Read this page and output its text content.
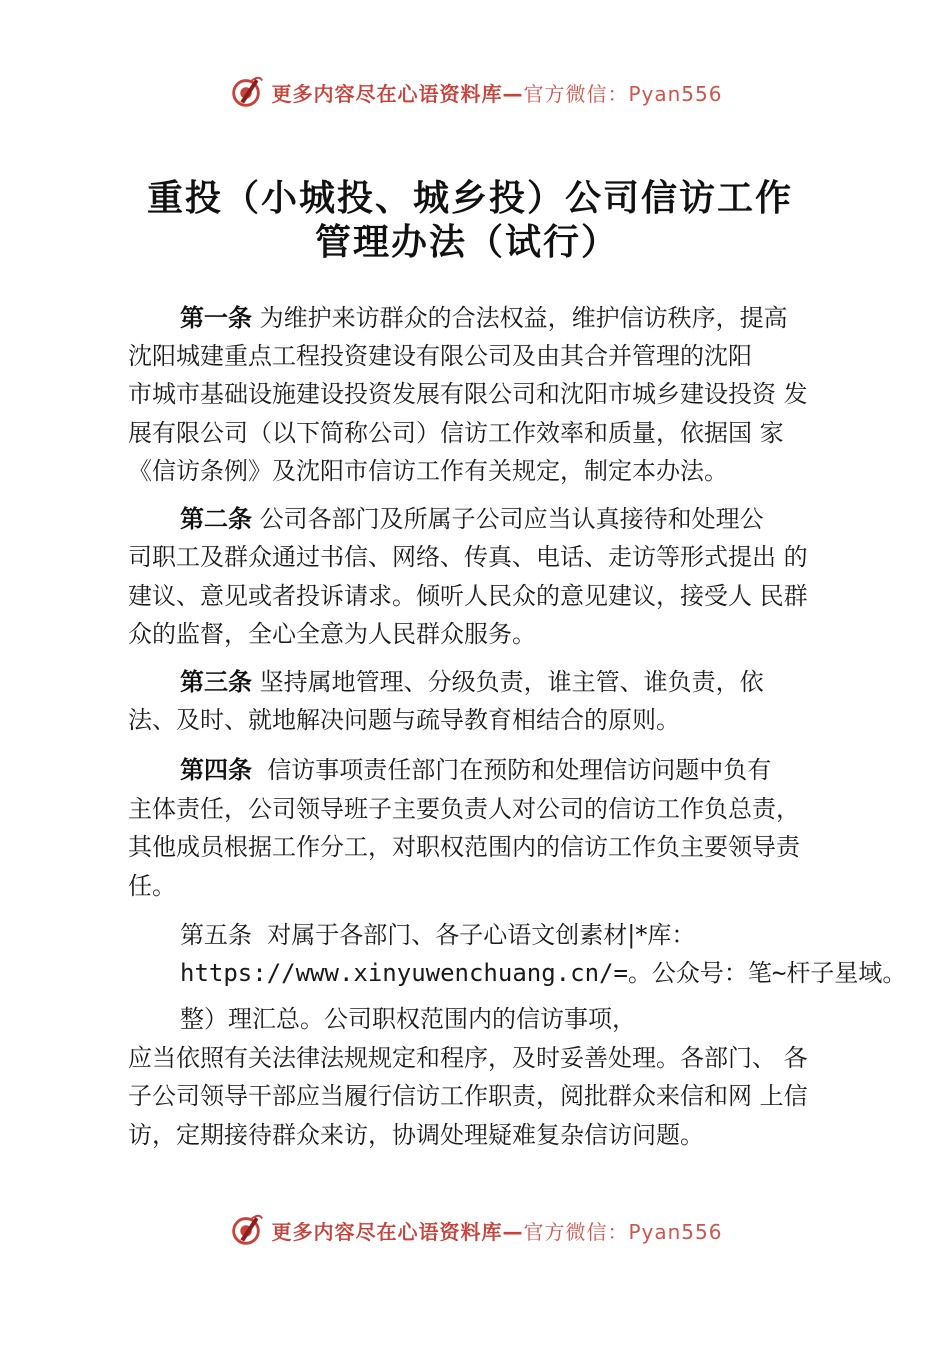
更多内容尽在心语资料库—官方微信：Pyan556
重投（小城投、城乡投）公司信访工作
管理办法（试行）
第一条 为维护来访群众的合法权益，维护信访秩序，提高
沈阳城建重点工程投资建设有限公司及由其合并管理的沈阳
市城市基础设施建设投资发展有限公司和沈阳市城乡建设投资 发
展有限公司（以下简称公司）信访工作效率和质量，依据国 家
《信访条例》及沈阳市信访工作有关规定，制定本办法。
第二条 公司各部门及所属子公司应当认真接待和处理公
司职工及群众通过书信、网络、传真、电话、走访等形式提出 的
建议、意见或者投诉请求。倾听人民众的意见建议，接受人 民群
众的监督，全心全意为人民群众服务。
第三条 坚持属地管理、分级负责，谁主管、谁负责，依
法、及时、就地解决问题与疏导教育相结合的原则。
第四条  信访事项责任部门在预防和处理信访问题中负有
主体责任，公司领导班子主要负责人对公司的信访工作负总责，
其他成员根据工作分工，对职权范围内的信访工作负主要领导责
任。
第五条  对属于各部门、各子心语文创素材|*库：
https://www.xinyuwenchuang.cn/=。公众号：笔~杆子星域。
整）理汇总。公司职权范围内的信访事项，
应当依照有关法律法规规定和程序，及时妥善处理。各部门、 各
子公司领导干部应当履行信访工作职责，阅批群众来信和网 上信
访，定期接待群众来访，协调处理疑难复杂信访问题。
更多内容尽在心语资料库—官方微信：Pyan556
